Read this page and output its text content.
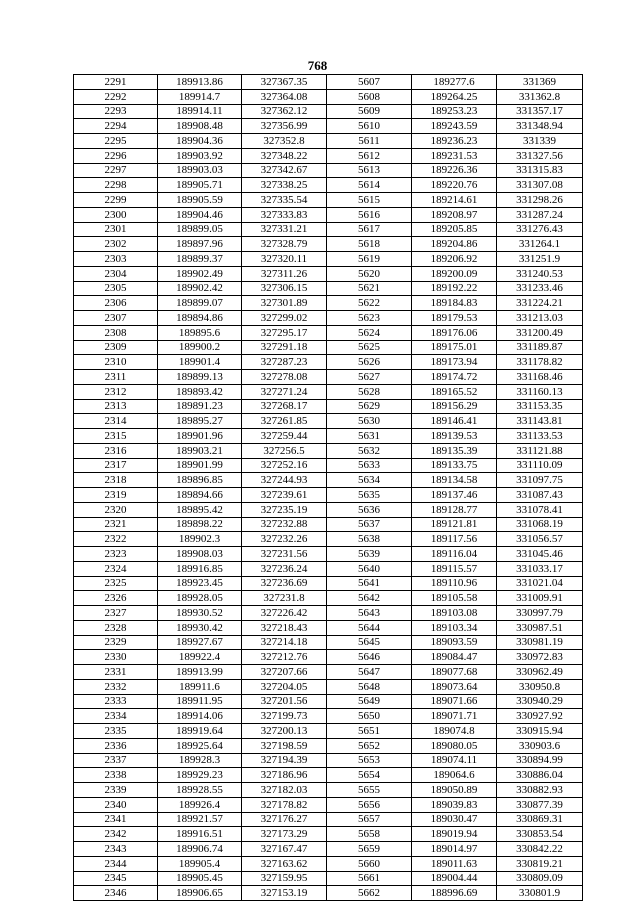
768
2291	189913.86	327367.35	5607	189277.6	331369
2292	189914.7	327364.08	5608	189264.25	331362.8
2293	189914.11	327362.12	5609	189253.23	331357.17
2294	189908.48	327356.99	5610	189243.59	331348.94
2295	189904.36	327352.8	5611	189236.23	331339
2296	189903.92	327348.22	5612	189231.53	331327.56
2297	189903.03	327342.67	5613	189226.36	331315.83
2298	189905.71	327338.25	5614	189220.76	331307.08
2299	189905.59	327335.54	5615	189214.61	331298.26
2300	189904.46	327333.83	5616	189208.97	331287.24
2301	189899.05	327331.21	5617	189205.85	331276.43
2302	189897.96	327328.79	5618	189204.86	331264.1
2303	189899.37	327320.11	5619	189206.92	331251.9
2304	189902.49	327311.26	5620	189200.09	331240.53
2305	189902.42	327306.15	5621	189192.22	331233.46
2306	189899.07	327301.89	5622	189184.83	331224.21
2307	189894.86	327299.02	5623	189179.53	331213.03
2308	189895.6	327295.17	5624	189176.06	331200.49
2309	189900.2	327291.18	5625	189175.01	331189.87
2310	189901.4	327287.23	5626	189173.94	331178.82
2311	189899.13	327278.08	5627	189174.72	331168.46
2312	189893.42	327271.24	5628	189165.52	331160.13
2313	189891.23	327268.17	5629	189156.29	331153.35
2314	189895.27	327261.85	5630	189146.41	331143.81
2315	189901.96	327259.44	5631	189139.53	331133.53
2316	189903.21	327256.5	5632	189135.39	331121.88
2317	189901.99	327252.16	5633	189133.75	331110.09
2318	189896.85	327244.93	5634	189134.58	331097.75
2319	189894.66	327239.61	5635	189137.46	331087.43
2320	189895.42	327235.19	5636	189128.77	331078.41
2321	189898.22	327232.88	5637	189121.81	331068.19
2322	189902.3	327232.26	5638	189117.56	331056.57
2323	189908.03	327231.56	5639	189116.04	331045.46
2324	189916.85	327236.24	5640	189115.57	331033.17
2325	189923.45	327236.69	5641	189110.96	331021.04
2326	189928.05	327231.8	5642	189105.58	331009.91
2327	189930.52	327226.42	5643	189103.08	330997.79
2328	189930.42	327218.43	5644	189103.34	330987.51
2329	189927.67	327214.18	5645	189093.59	330981.19
2330	189922.4	327212.76	5646	189084.47	330972.83
2331	189913.99	327207.66	5647	189077.68	330962.49
2332	189911.6	327204.05	5648	189073.64	330950.8
2333	189911.95	327201.56	5649	189071.66	330940.29
2334	189914.06	327199.73	5650	189071.71	330927.92
2335	189919.64	327200.13	5651	189074.8	330915.94
2336	189925.64	327198.59	5652	189080.05	330903.6
2337	189928.3	327194.39	5653	189074.11	330894.99
2338	189929.23	327186.96	5654	189064.6	330886.04
2339	189928.55	327182.03	5655	189050.89	330882.93
2340	189926.4	327178.82	5656	189039.83	330877.39
2341	189921.57	327176.27	5657	189030.47	330869.31
2342	189916.51	327173.29	5658	189019.94	330853.54
2343	189906.74	327167.47	5659	189014.97	330842.22
2344	189905.4	327163.62	5660	189011.63	330819.21
2345	189905.45	327159.95	5661	189004.44	330809.09
2346	189906.65	327153.19	5662	188996.69	330801.9
